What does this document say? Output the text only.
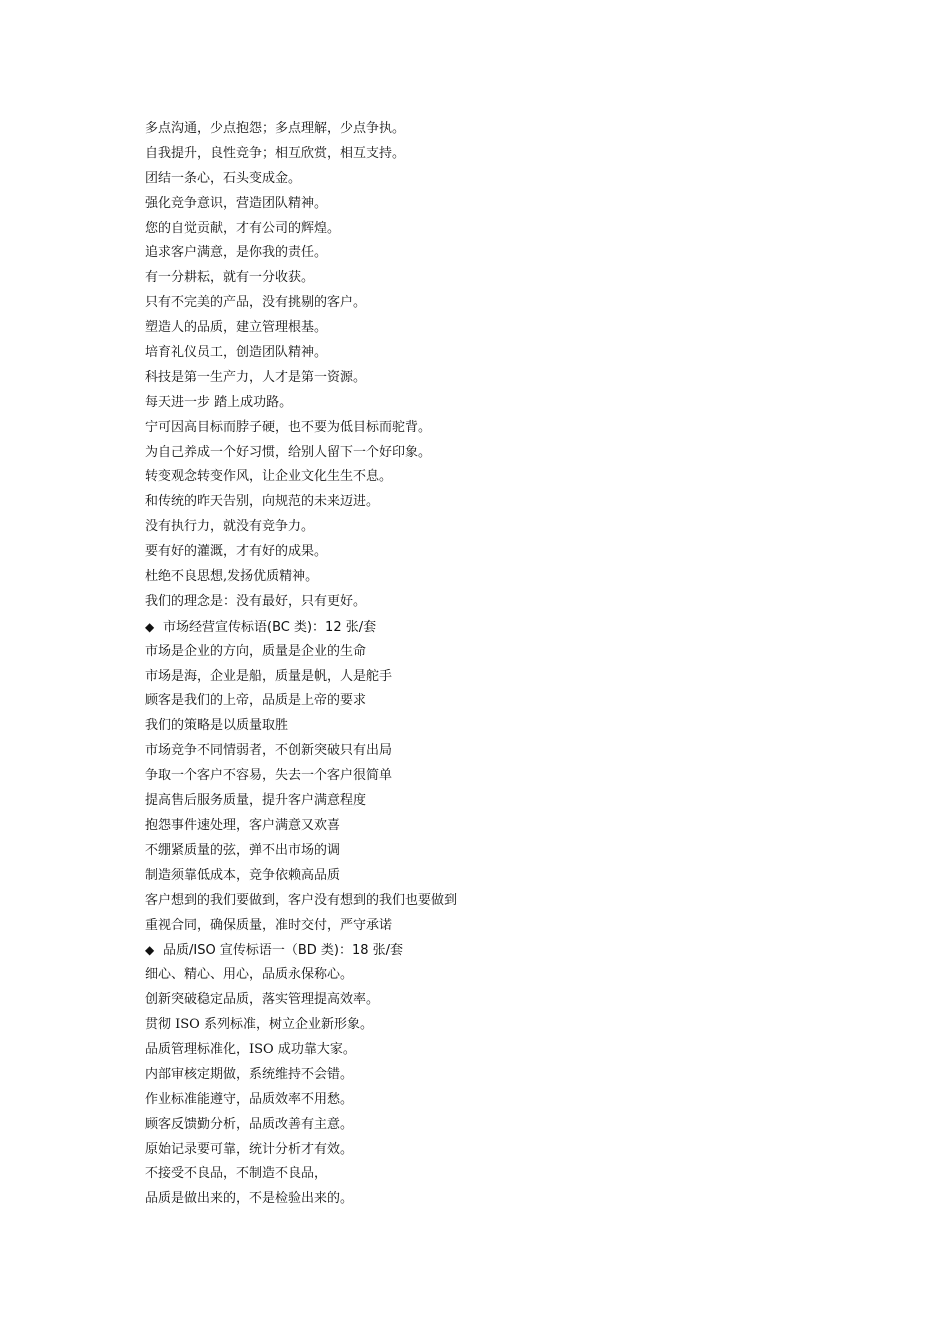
多点沟通，少点抱怨；多点理解，少点争执。
自我提升，良性竞争；相互欣赏，相互支持。
团结一条心，石头变成金。
强化竞争意识，营造团队精神。
您的自觉贡献，才有公司的辉煌。
追求客户满意，是你我的责任。
有一分耕耘，就有一分收获。
只有不完美的产品，没有挑剔的客户。
塑造人的品质，建立管理根基。
培育礼仪员工，创造团队精神。
科技是第一生产力，人才是第一资源。
每天进一步 踏上成功路。
宁可因高目标而脖子硬，也不要为低目标而驼背。
为自己养成一个好习惯，给别人留下一个好印象。
转变观念转变作风，让企业文化生生不息。
和传统的昨天告别，向规范的未来迈进。
没有执行力，就没有竞争力。
要有好的灌溉，才有好的成果。
杜绝不良思想,发扬优质精神。
我们的理念是：没有最好，只有更好。
◆ 市场经营宣传标语(BC 类)：12 张/套
市场是企业的方向，质量是企业的生命
市场是海，企业是船，质量是帆，人是舵手
顾客是我们的上帝，品质是上帝的要求
我们的策略是以质量取胜
市场竞争不同情弱者，不创新突破只有出局
争取一个客户不容易，失去一个客户很简单
提高售后服务质量，提升客户满意程度
抱怨事件速处理，客户满意又欢喜
不绷紧质量的弦，弹不出市场的调
制造须靠低成本，竞争依赖高品质
客户想到的我们要做到，客户没有想到的我们也要做到
重视合同，确保质量，准时交付，严守承诺
◆ 品质/ISO 宣传标语一（BD 类)：18 张/套
细心、精心、用心，品质永保称心。
创新突破稳定品质，落实管理提高效率。
贯彻 ISO 系列标准，树立企业新形象。
品质管理标准化，ISO 成功靠大家。
内部审核定期做，系统维持不会错。
作业标准能遵守，品质效率不用愁。
顾客反馈勤分析，品质改善有主意。
原始记录要可靠，统计分析才有效。
不接受不良品，不制造不良品，
品质是做出来的，不是检验出来的。
